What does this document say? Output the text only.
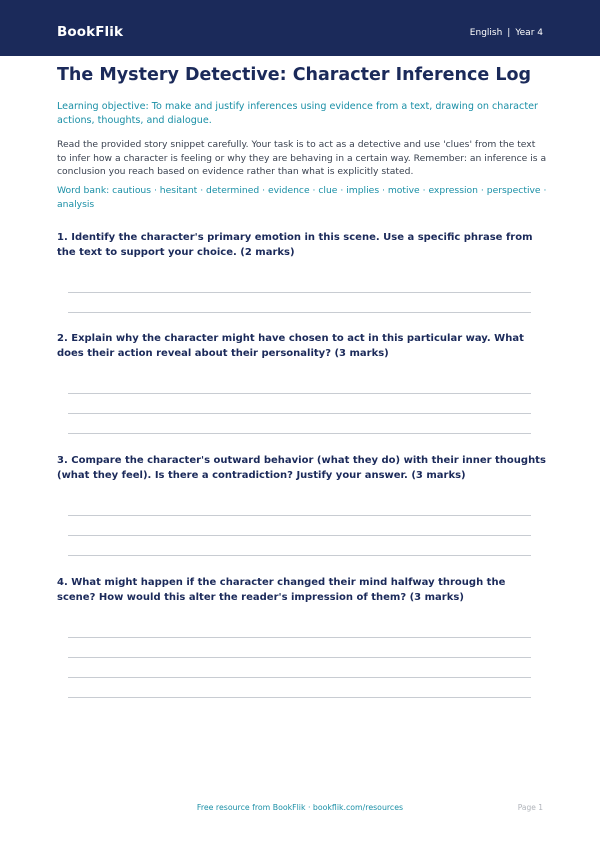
BookFlik	English | Year 4
The Mystery Detective: Character Inference Log
Learning objective: To make and justify inferences using evidence from a text, drawing on character actions, thoughts, and dialogue.
Read the provided story snippet carefully. Your task is to act as a detective and use 'clues' from the text to infer how a character is feeling or why they are behaving in a certain way. Remember: an inference is a conclusion you reach based on evidence rather than what is explicitly stated.
Word bank: cautious · hesitant · determined · evidence · clue · implies · motive · expression · perspective · analysis
1. Identify the character's primary emotion in this scene. Use a specific phrase from the text to support your choice. (2 marks)
2. Explain why the character might have chosen to act in this particular way. What does their action reveal about their personality? (3 marks)
3. Compare the character's outward behavior (what they do) with their inner thoughts (what they feel). Is there a contradiction? Justify your answer. (3 marks)
4. What might happen if the character changed their mind halfway through the scene? How would this alter the reader's impression of them? (3 marks)
Free resource from BookFlik · bookflik.com/resources	Page 1
